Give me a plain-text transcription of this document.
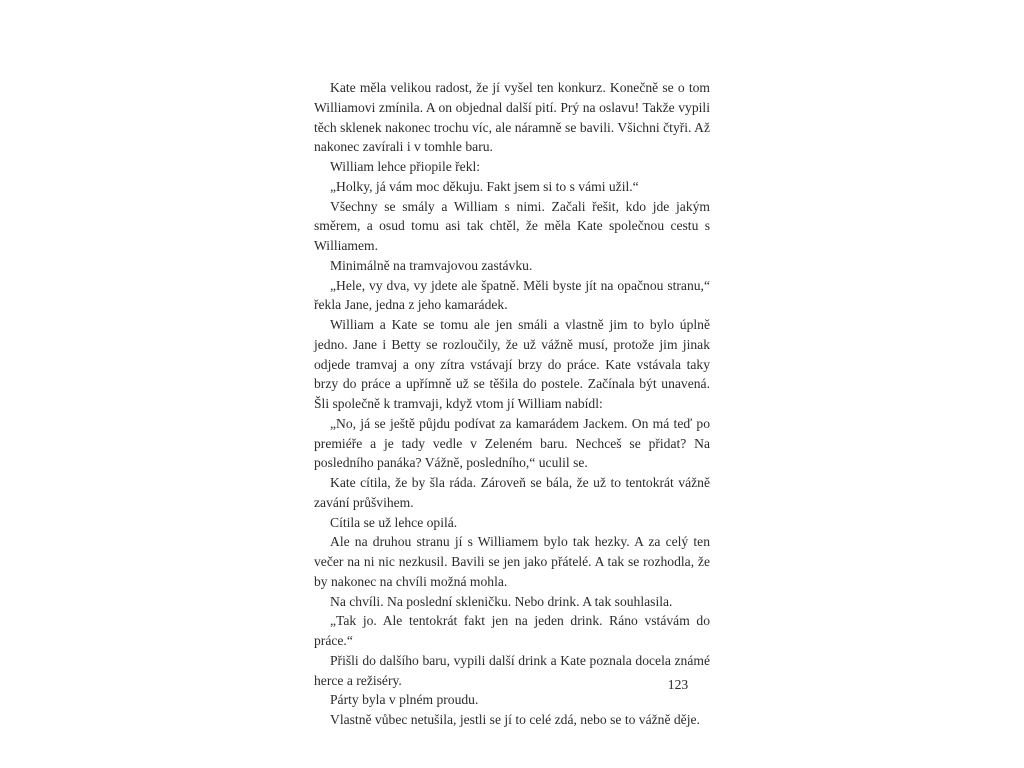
Kate měla velikou radost, že jí vyšel ten konkurz. Konečně se o tom Williamovi zmínila. A on objednal další pití. Prý na oslavu! Takže vypili těch sklenek nakonec trochu víc, ale náramně se bavili. Všichni čtyři. Až nakonec zavírali i v tomhle baru.

William lehce přiopile řekl:

„Holky, já vám moc děkuju. Fakt jsem si to s vámi užil.“

Všechny se smály a William s nimi. Začali řešit, kdo jde jakým směrem, a osud tomu asi tak chtěl, že měla Kate společnou cestu s Williamem.

Minimálně na tramvajovou zastávku.

„Hele, vy dva, vy jdete ale špatně. Měli byste jít na opačnou stranu,“ řekla Jane, jedna z jeho kamarádek.

William a Kate se tomu ale jen smáli a vlastně jim to bylo úplně jedno. Jane i Betty se rozloučily, že už vážně musí, protože jim jinak odjede tramvaj a ony zítra vstávají brzy do práce. Kate vstávala taky brzy do práce a upřímně už se těšila do postele. Začínala být unavená. Šli společně k tramvaji, když vtom jí William nabídl:

„No, já se ještě půjdu podívat za kamarádem Jackem. On má teď po premiéře a je tady vedle v Zeleném baru. Nechceš se přidat? Na posledního panáka? Vážně, posledního,“ uculil se.

Kate cítila, že by šla ráda. Zároveň se bála, že už to tentokrát vážně zavání průšvihem.

Cítila se už lehce opilá.

Ale na druhou stranu jí s Williamem bylo tak hezky. A za celý ten večer na ni nic nezkusil. Bavili se jen jako přátelé. A tak se rozhodla, že by nakonec na chvíli možná mohla.

Na chvíli. Na poslední skleničku. Nebo drink. A tak souhlasila.

„Tak jo. Ale tentokrát fakt jen na jeden drink. Ráno vstávám do práce.“

Přišli do dalšího baru, vypili další drink a Kate poznala docela známé herce a režiséry.

Párty byla v plném proudu.

Vlastně vůbec netušila, jestli se jí to celé zdá, nebo se to vážně děje.

123
